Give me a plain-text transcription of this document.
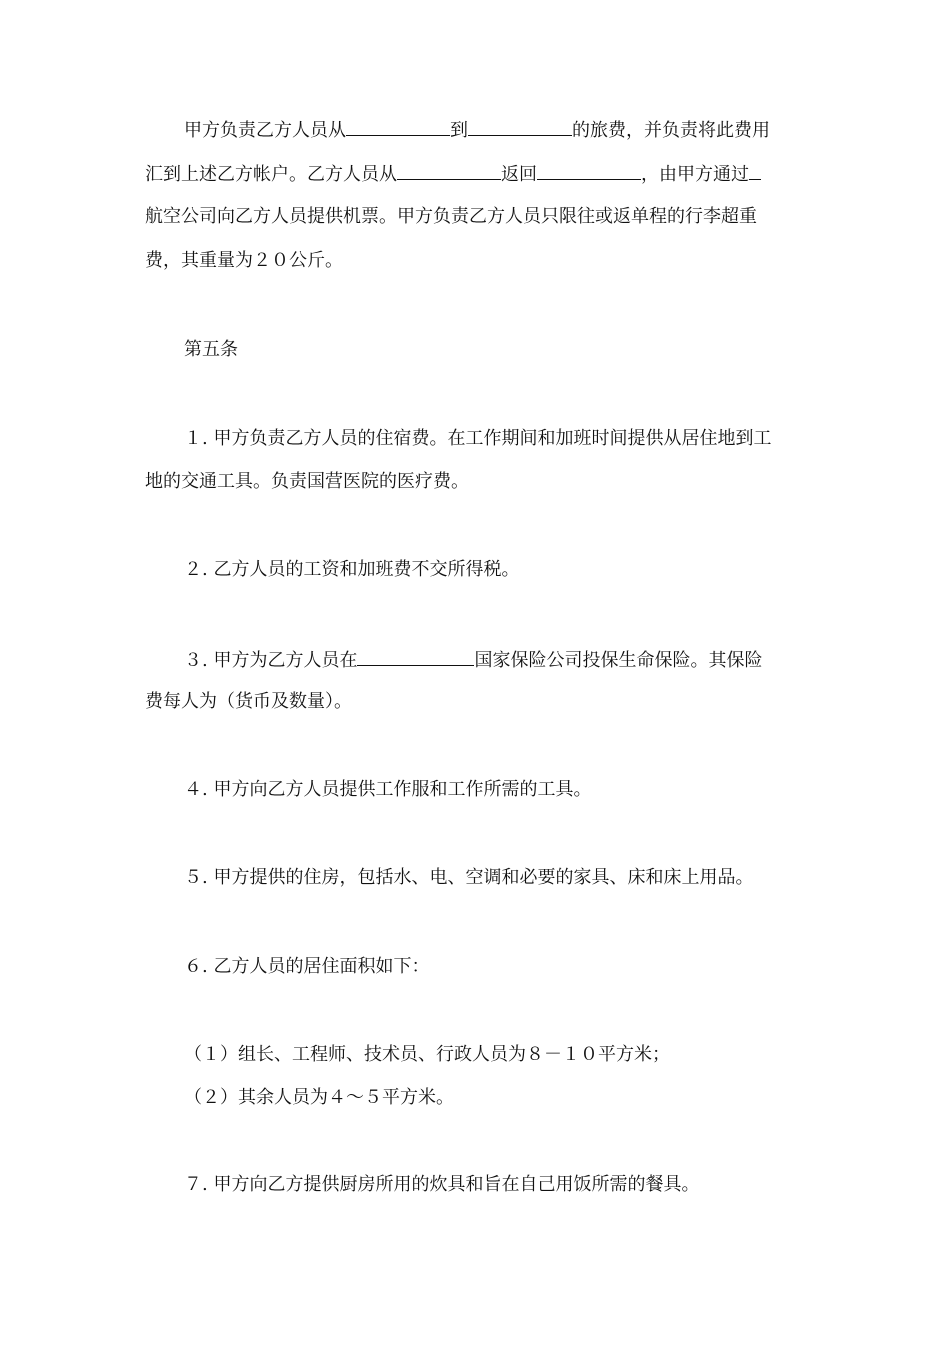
甲方负责乙方人员从	到	的旅费，并负责将此费用
汇到上述乙方帐户。乙方人员从	返回	，由甲方通过
航空公司向乙方人员提供机票。甲方负责乙方人员只限往或返单程的行李超重
费，其重量为２０公斤。
第五条
１. 甲方负责乙方人员的住宿费。在工作期间和加班时间提供从居住地到工
地的交通工具。负责国营医院的医疗费。
２. 乙方人员的工资和加班费不交所得税。
３. 甲方为乙方人员在	国家保险公司投保生命保险。其保险
费每人为（货币及数量）。
４. 甲方向乙方人员提供工作服和工作所需的工具。
５. 甲方提供的住房，包括水、电、空调和必要的家具、床和床上用品。
６. 乙方人员的居住面积如下：
（１）组长、工程师、技术员、行政人员为８－１０平方米；
（２）其余人员为４～５平方米。
７. 甲方向乙方提供厨房所用的炊具和旨在自己用饭所需的餐具。
